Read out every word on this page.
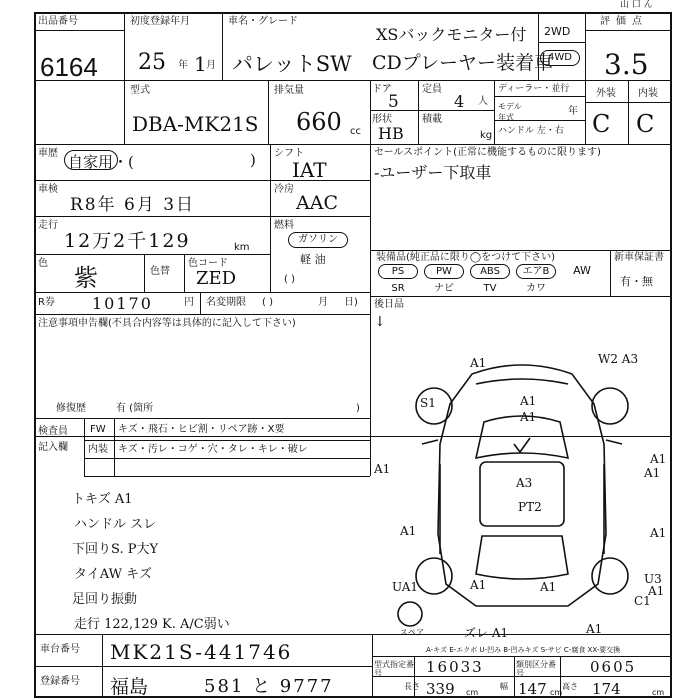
出品番号
6164
初度登録年月
25 年 1 月
車名・グレード
XSバックモニター付
パレットSW CDプレーヤー装着車
2WD
4WD
評価点
山 口 ん
3.5
型式
DBA-MK21S
排気量
660 cc
ドア
5
定員
4 人
形状
HB
積載
kg
ディーラー・並行
モデル年式
年
ハンドル 左・右
外装 内装
C C
車歴 自家用・(	) シフト
IAT
車検
R8年 6月 3日
冷房
AAC
走行
12万2千129	km
燃料
ガソリン
軽 油
( )
色
紫	色替
色コード
ZED
R券 10170	円 名変期限 ( )	月 日)
セールスポイント(正常に機能するものに限ります)
-ユーザー下取車
装備品(純正品に限り◯をつけて下さい)	新車保証書
有・無
PS	PW	ABS	エアB	AW
SR	ナビ	TV	カワ
後日品
↓
注意事項申告欄(不具合内容等は具体的に記入して下さい)
修復歴	有 (箇所	)
検査員
記入欄
FW キズ・飛石・ヒビ割・リペア跡・X要
内装 キズ・汚レ・コゲ・穴・タレ・キレ・破レ
トキズ A1
ハンドル スレ
下回りS. P大Y
タイAW キズ
足回り振動
走行 122,129 K. A/C弱い
A1	W2 A3
S1	A1
A1
A1
A3
PT2
A1
A1	A1
A1
U3
C1
UA1	A1
ズレ A1	A1
A1	A1
スペア
車台番号 MK21S-441746
登録番号 福島	581 と 9777
A-キズ E-エクボ U-凹み B-凹みキズ S-サビ C-腐食 XX-要交換
型式指定番号	16033	類別区分番号	0605
長さ 339 cm
幅 147 cm
高さ 174	cm
